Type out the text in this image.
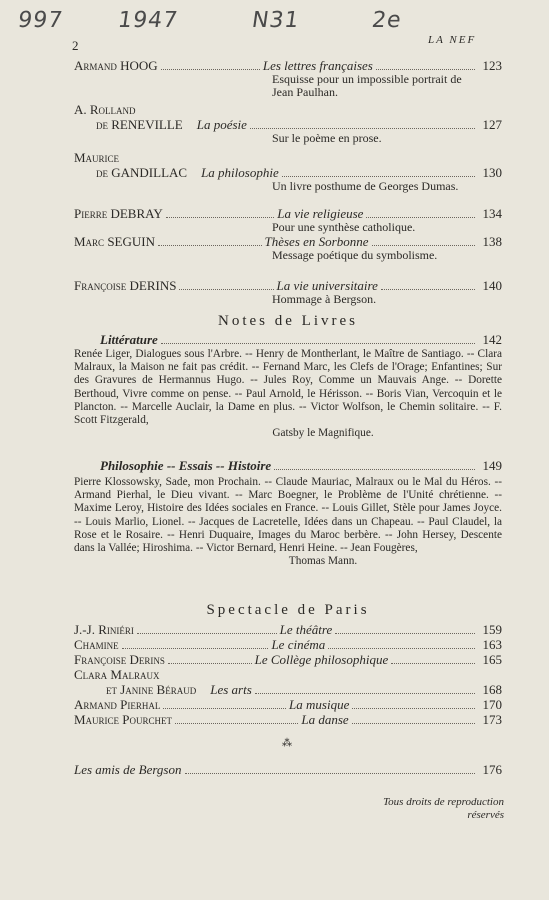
997 1947	N31	2e
2	LA NEF
Armand HOOG	Les lettres françaises	123
Esquisse pour un impossible portrait de Jean Paulhan.
A. Rolland
de RENEVILLE La poésie	127
Sur le poème en prose.
Maurice
de GANDILLAC La philosophie	130
Un livre posthume de Georges Dumas.
Pierre DEBRAY	La vie religieuse	134
Pour une synthèse catholique.
Marc SEGUIN	Thèses en Sorbonne	138
Message poétique du symbolisme.
Françoise DERINS	La vie universitaire	140
Hommage à Bergson.
Notes de Livres
Littérature	142

Renée Liger, Dialogues sous l'Arbre. -- Henry de Montherlant, le Maître de Santiago. -- Clara Malraux, la Maison ne fait pas crédit. -- Fernand Marc, les Clefs de l'Orage; Enfantines; Sur des Gravures de Hermannus Hugo. -- Jules Roy, Comme un Mauvais Ange. -- Dorette Berthoud, Vivre comme on pense. -- Paul Arnold, le Hérisson. -- Boris Vian, Vercoquin et le Plancton. -- Marcelle Auclair, la Dame en plus. -- Victor Wolfson, le Chemin solitaire. -- F. Scott Fitzgerald,

Gatsby le Magnifique.

Philosophie -- Essais -- Histoire	149

Pierre Klossowsky, Sade, mon Prochain. -- Claude Mauriac, Malraux ou le Mal du Héros. -- Armand Pierhal, le Dieu vivant. -- Marc Boegner, le Problème de l'Unité chrétienne. -- Maxime Leroy, Histoire des Idées sociales en France. -- Louis Gillet, Stèle pour James Joyce. -- Louis Marlio, Lionel. -- Jacques de Lacretelle, Idées dans un Chapeau. -- Paul Claudel, la Rose et le Rosaire. -- Henri Duquaire, Images du Maroc berbère. -- John Hersey, Descente dans la Vallée; Hiroshima. -- Victor Bernard, Henri Heine. -- Jean Fougères,

Thomas Mann.

Spectacle de Paris
J.-J. Riniéri	Le théâtre	159
Chamine	Le cinéma	163
Françoise Derins	Le Collège philosophique	165
Clara Malraux
et Janine Béraud Les arts	168
Armand Pierhal	La musique	170
Maurice Pourchet	La danse	173
⁂
Les amis de Bergson	176
Tous droits de reproduction
réservés
